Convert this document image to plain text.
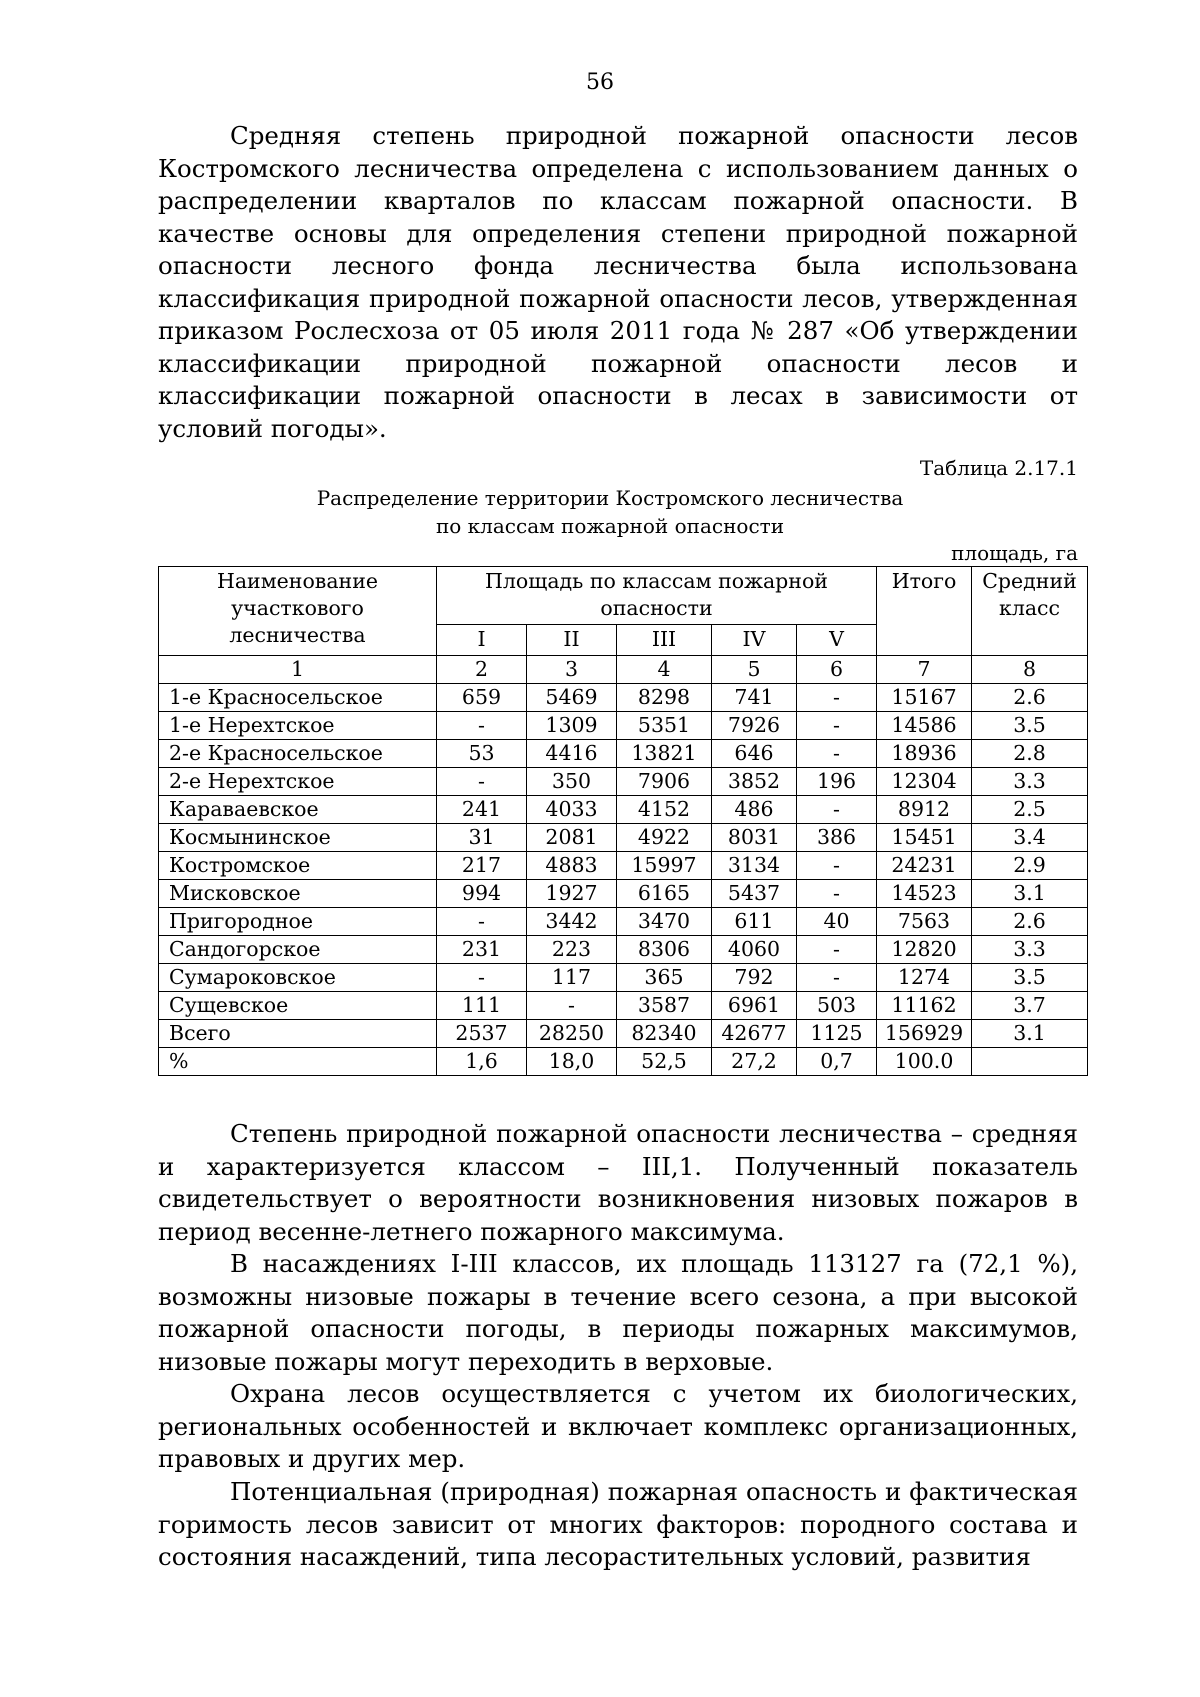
56

Средняя степень природной пожарной опасности лесов Костромского лесничества определена с использованием данных о распределении кварталов по классам пожарной опасности. В качестве основы для определения степени природной пожарной опасности лесного фонда лесничества была использована классификация природной пожарной опасности лесов, утвержденная приказом Рослесхоза от 05 июля 2011 года № 287 «Об утверждении классификации природной пожарной опасности лесов и классификации пожарной опасности в лесах в зависимости от условий погоды».

Таблица 2.17.1
Распределение территории Костромского лесничества
по классам пожарной опасности
площадь, га
Наименование участкового лесничества	Площадь по классам пожарной опасности					Итого	Средний класс
	I	II	III	IV	V		
1	2	3	4	5	6	7	8
1-е Красносельское	659	5469	8298	741	-	15167	2.6
1-е Нерехтское	-	1309	5351	7926	-	14586	3.5
2-е Красносельское	53	4416	13821	646	-	18936	2.8
2-е Нерехтское	-	350	7906	3852	196	12304	3.3
Караваевское	241	4033	4152	486	-	8912	2.5
Космынинское	31	2081	4922	8031	386	15451	3.4
Костромское	217	4883	15997	3134	-	24231	2.9
Мисковское	994	1927	6165	5437	-	14523	3.1
Пригородное	-	3442	3470	611	40	7563	2.6
Сандогорское	231	223	8306	4060	-	12820	3.3
Сумароковское	-	117	365	792	-	1274	3.5
Сущевское	111	-	3587	6961	503	11162	3.7
Всего	2537	28250	82340	42677	1125	156929	3.1
%	1,6	18,0	52,5	27,2	0,7	100.0	

Степень природной пожарной опасности лесничества – средняя и характеризуется классом – III,1. Полученный показатель свидетельствует о вероятности возникновения низовых пожаров в период весенне-летнего пожарного максимума.

В насаждениях I-III классов, их площадь 113127 га (72,1 %), возможны низовые пожары в течение всего сезона, а при высокой пожарной опасности погоды, в периоды пожарных максимумов, низовые пожары могут переходить в верховые.

Охрана лесов осуществляется с учетом их биологических, региональных особенностей и включает комплекс организационных, правовых и других мер.

Потенциальная (природная) пожарная опасность и фактическая горимость лесов зависит от многих факторов: породного состава и состояния насаждений, типа лесорастительных условий, развития
